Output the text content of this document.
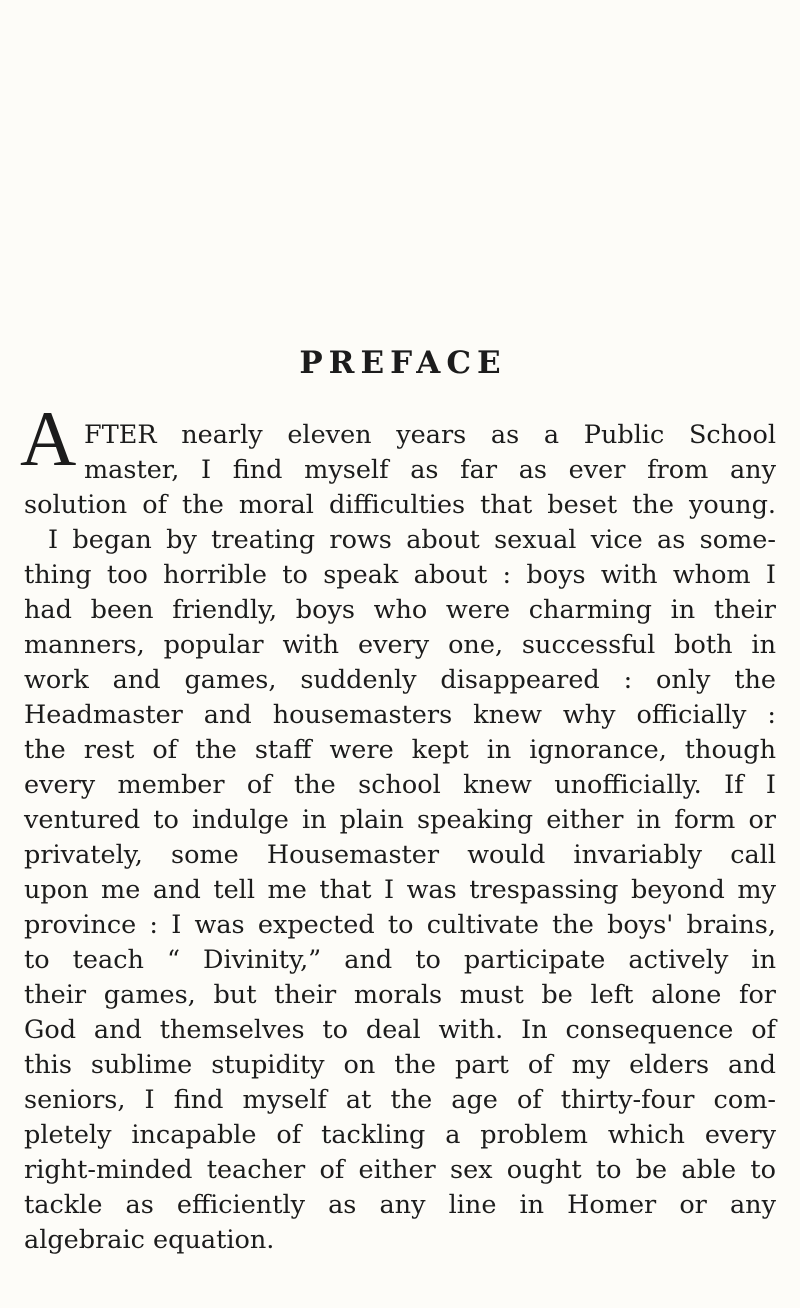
PREFACE
A FTER nearly eleven years as a Public School
master, I find myself as far as ever from any
solution of the moral difficulties that beset the young.
I began by treating rows about sexual vice as some-
thing too horrible to speak about : boys with whom I
had been friendly, boys who were charming in their
manners, popular with every one, successful both in
work and games, suddenly disappeared : only the
Headmaster and housemasters knew why officially :
the rest of the staff were kept in ignorance, though
every member of the school knew unofficially. If I
ventured to indulge in plain speaking either in form or
privately, some Housemaster would invariably call
upon me and tell me that I was trespassing beyond my
province : I was expected to cultivate the boys' brains,
to teach “ Divinity,” and to participate actively in
their games, but their morals must be left alone for
God and themselves to deal with. In consequence of
this sublime stupidity on the part of my elders and
seniors, I find myself at the age of thirty-four com-
pletely incapable of tackling a problem which every
right-minded teacher of either sex ought to be able to
tackle as efficiently as any line in Homer or any
algebraic equation.
